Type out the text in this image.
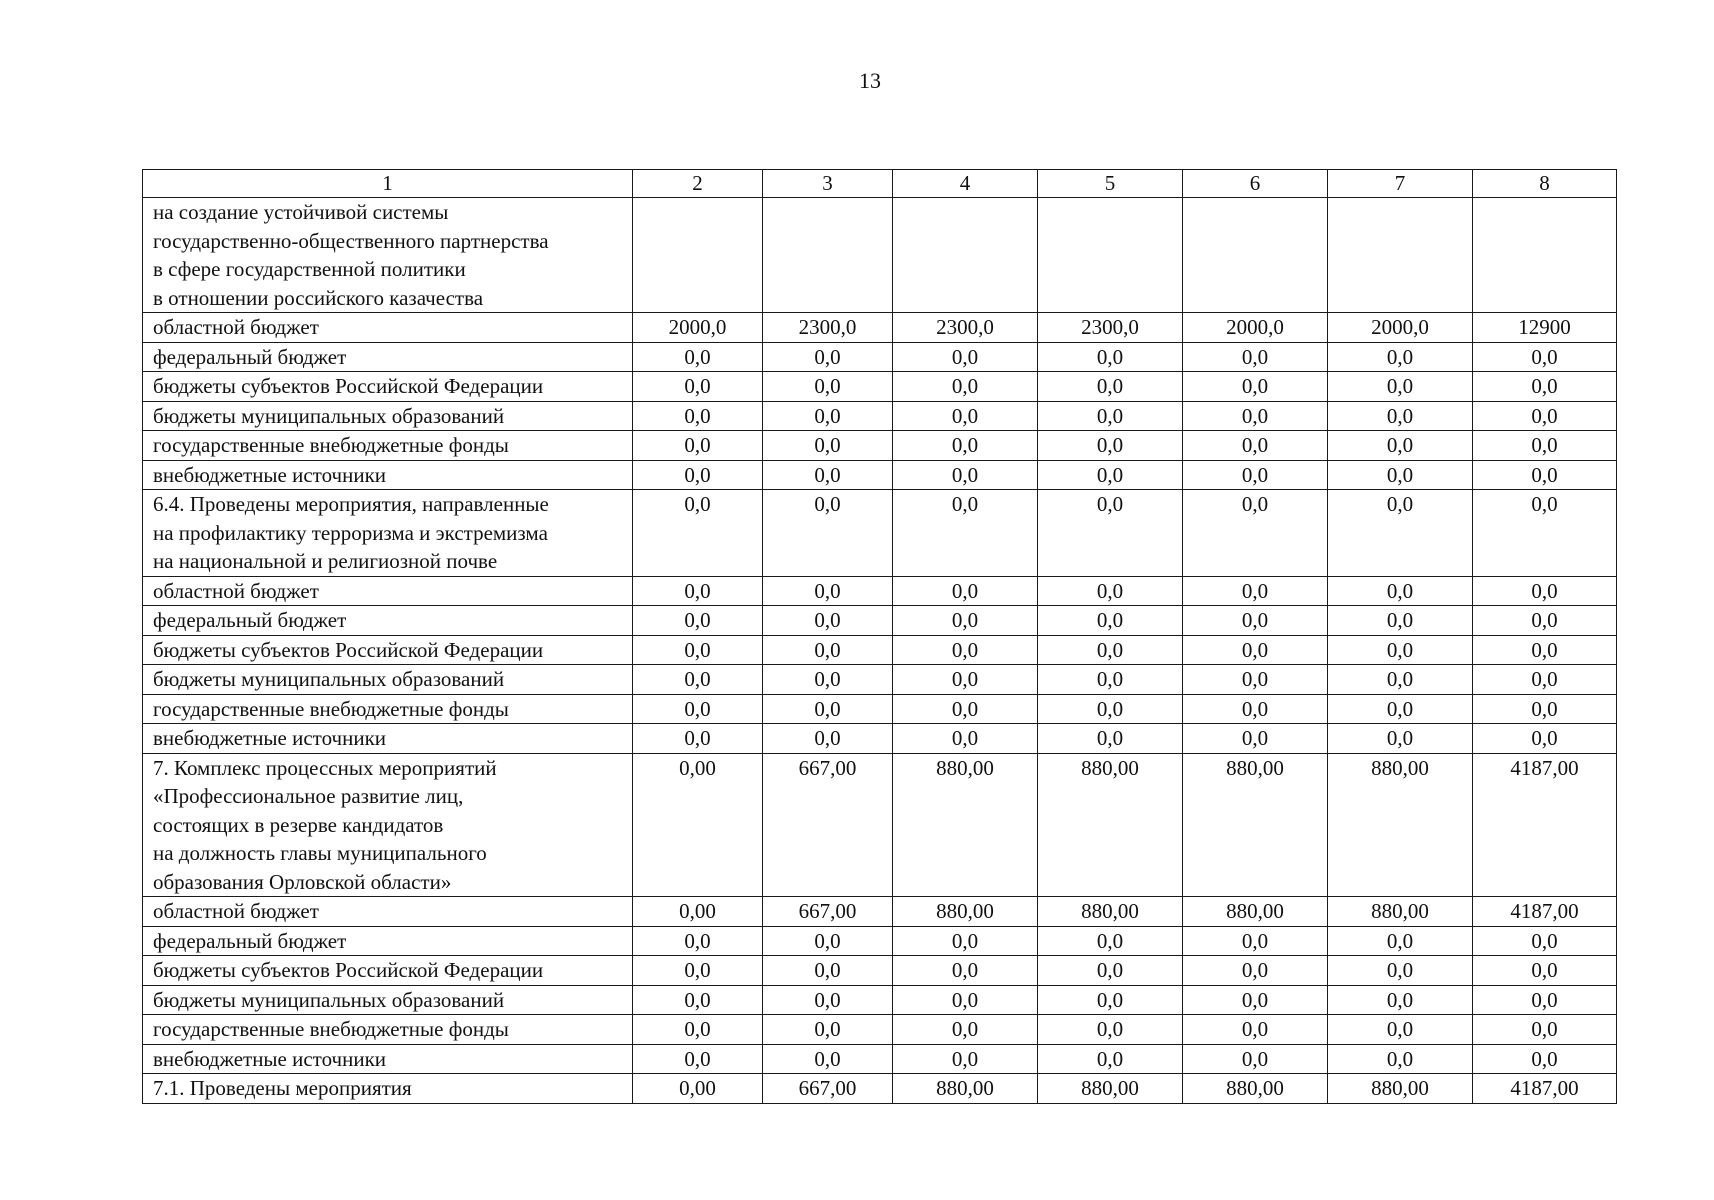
13
1	2	3	4	5	6	7	8

на создание устойчивой системы
государственно-общественного партнерства
в сфере государственной политики
в отношении российского казачества							

областной бюджет	2000,0	2300,0	2300,0	2300,0	2000,0	2000,0	12900

федеральный бюджет	0,0	0,0	0,0	0,0	0,0	0,0	0,0

бюджеты субъектов Российской Федерации	0,0	0,0	0,0	0,0	0,0	0,0	0,0

бюджеты муниципальных образований	0,0	0,0	0,0	0,0	0,0	0,0	0,0

государственные внебюджетные фонды	0,0	0,0	0,0	0,0	0,0	0,0	0,0

внебюджетные источники	0,0	0,0	0,0	0,0	0,0	0,0	0,0

6.4. Проведены мероприятия, направленные
на профилактику терроризма и экстремизма
на национальной и религиозной почве	0,0	0,0	0,0	0,0	0,0	0,0	0,0

областной бюджет	0,0	0,0	0,0	0,0	0,0	0,0	0,0

федеральный бюджет	0,0	0,0	0,0	0,0	0,0	0,0	0,0

бюджеты субъектов Российской Федерации	0,0	0,0	0,0	0,0	0,0	0,0	0,0

бюджеты муниципальных образований	0,0	0,0	0,0	0,0	0,0	0,0	0,0

государственные внебюджетные фонды	0,0	0,0	0,0	0,0	0,0	0,0	0,0

внебюджетные источники	0,0	0,0	0,0	0,0	0,0	0,0	0,0

7. Комплекс процессных мероприятий
«Профессиональное развитие лиц,
состоящих в резерве кандидатов
на должность главы муниципального
образования Орловской области»	0,00	667,00	880,00	880,00	880,00	880,00	4187,00

областной бюджет	0,00	667,00	880,00	880,00	880,00	880,00	4187,00

федеральный бюджет	0,0	0,0	0,0	0,0	0,0	0,0	0,0

бюджеты субъектов Российской Федерации	0,0	0,0	0,0	0,0	0,0	0,0	0,0

бюджеты муниципальных образований	0,0	0,0	0,0	0,0	0,0	0,0	0,0

государственные внебюджетные фонды	0,0	0,0	0,0	0,0	0,0	0,0	0,0

внебюджетные источники	0,0	0,0	0,0	0,0	0,0	0,0	0,0

7.1. Проведены мероприятия	0,00	667,00	880,00	880,00	880,00	880,00	4187,00
